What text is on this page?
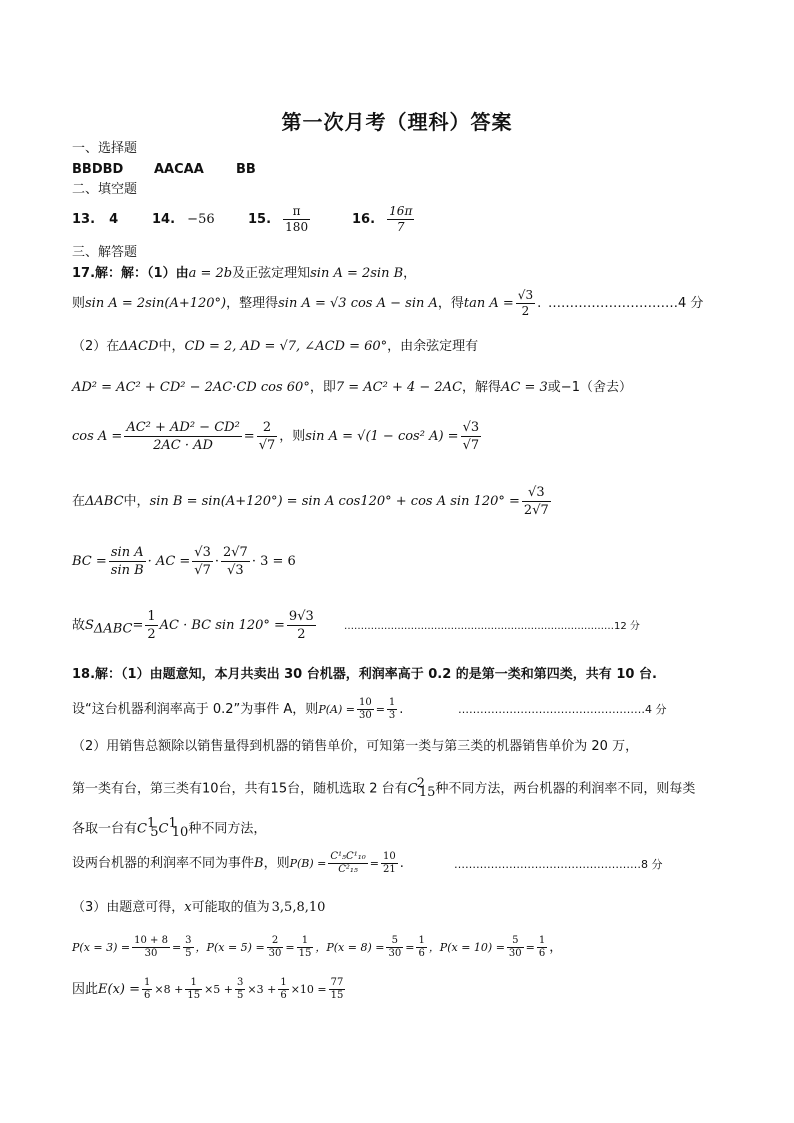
第一次月考（理科）答案
一、选择题
BBDBD AACAA BB
二、填空题
13. 4	14. −56	15. $\frac{\pi}{180}$	16. $\frac{16\pi}{7}$
三、解答题
17.解：解：（1）由a = 2b及正弦定理知sin A = 2sin B，
则sin A = 2sin(A+120°)，整理得sin A = √3 cos A − sin A，得$\tan A = \frac{√3}{2}$ . …………………………4 分
（2）在ΔACD中，CD = 2, AD = √7, ∠ACD = 60°，由余弦定理有
AD² = AC² + CD² − 2AC·CD cos 60°，即7 = AC² + 4 − 2AC，解得AC = 3或−1（舍去）
$\cos A = \frac{\text{AC² + AD² − CD²}}{2AC \cdot AD} = \frac{2}{√7}$ ，则sin A = √(1 − cos² $A) = \frac{√3}{√7}$
在ΔABC中，sin B = sin(A+120°) = sin A cos120° + cos A $\sin 120^\circ = \frac{√3}{2√7}$
BC = $\frac{\text{sin A}}{\text{sin B}}$ · AC = $\frac{√3}{√7} \cdot \frac{2√7}{√3} \cdot 3 = 6$
故$S_{\Delta ABC}= \frac{1}{2}$ AC · BC $\sin 120^\circ = \frac{9√3}{2}$	………………………………………………………………………12 分
18.解：（1）由题意知，本月共卖出 30 台机器，利润率高于 0.2 的是第一类和第四类，共有 10 台.
设“这台机器利润率高于 0.2”为事件 A，则$P(A) = \frac{10}{30} = \frac{1}{3}$ .	……………………………………………4 分
（2）用销售总额除以销售量得到机器的销售单价，可知第一类与第三类的机器销售单价为 20 万，
第一类有台，第三类有10台，共有15台，随机选取 2 台有$C^2_{15}$种不同方法，两台机器的利润率不同，则每类
各取一台有$C^1_5C^1_{10}$种不同方法，
设两台机器的利润率不同为事件B，则$P(B) = \frac{\text{C¹₅C¹₁₀}}{\text{C²₁₅}} = \frac{10}{21}$ .	……………………………………………8 分
（3）由题意可得，x可能取的值为 3,5,8,10
$P(x = 3) = \frac{10 + 8}{30} = \frac{3}{5}$ ，$P(x = 5) = \frac{2}{30} = \frac{1}{15}$ ，$P(x = 8) = \frac{5}{30} = \frac{1}{6}$ ，$P(x = 10) = \frac{5}{30} = \frac{1}{6}$ ，
因此$E(x) = \frac{1}{6} \times 8 + \frac{1}{15} \times 5 + \frac{3}{5} \times 3 + \frac{1}{6} \times 10 = \frac{77}{15}$
